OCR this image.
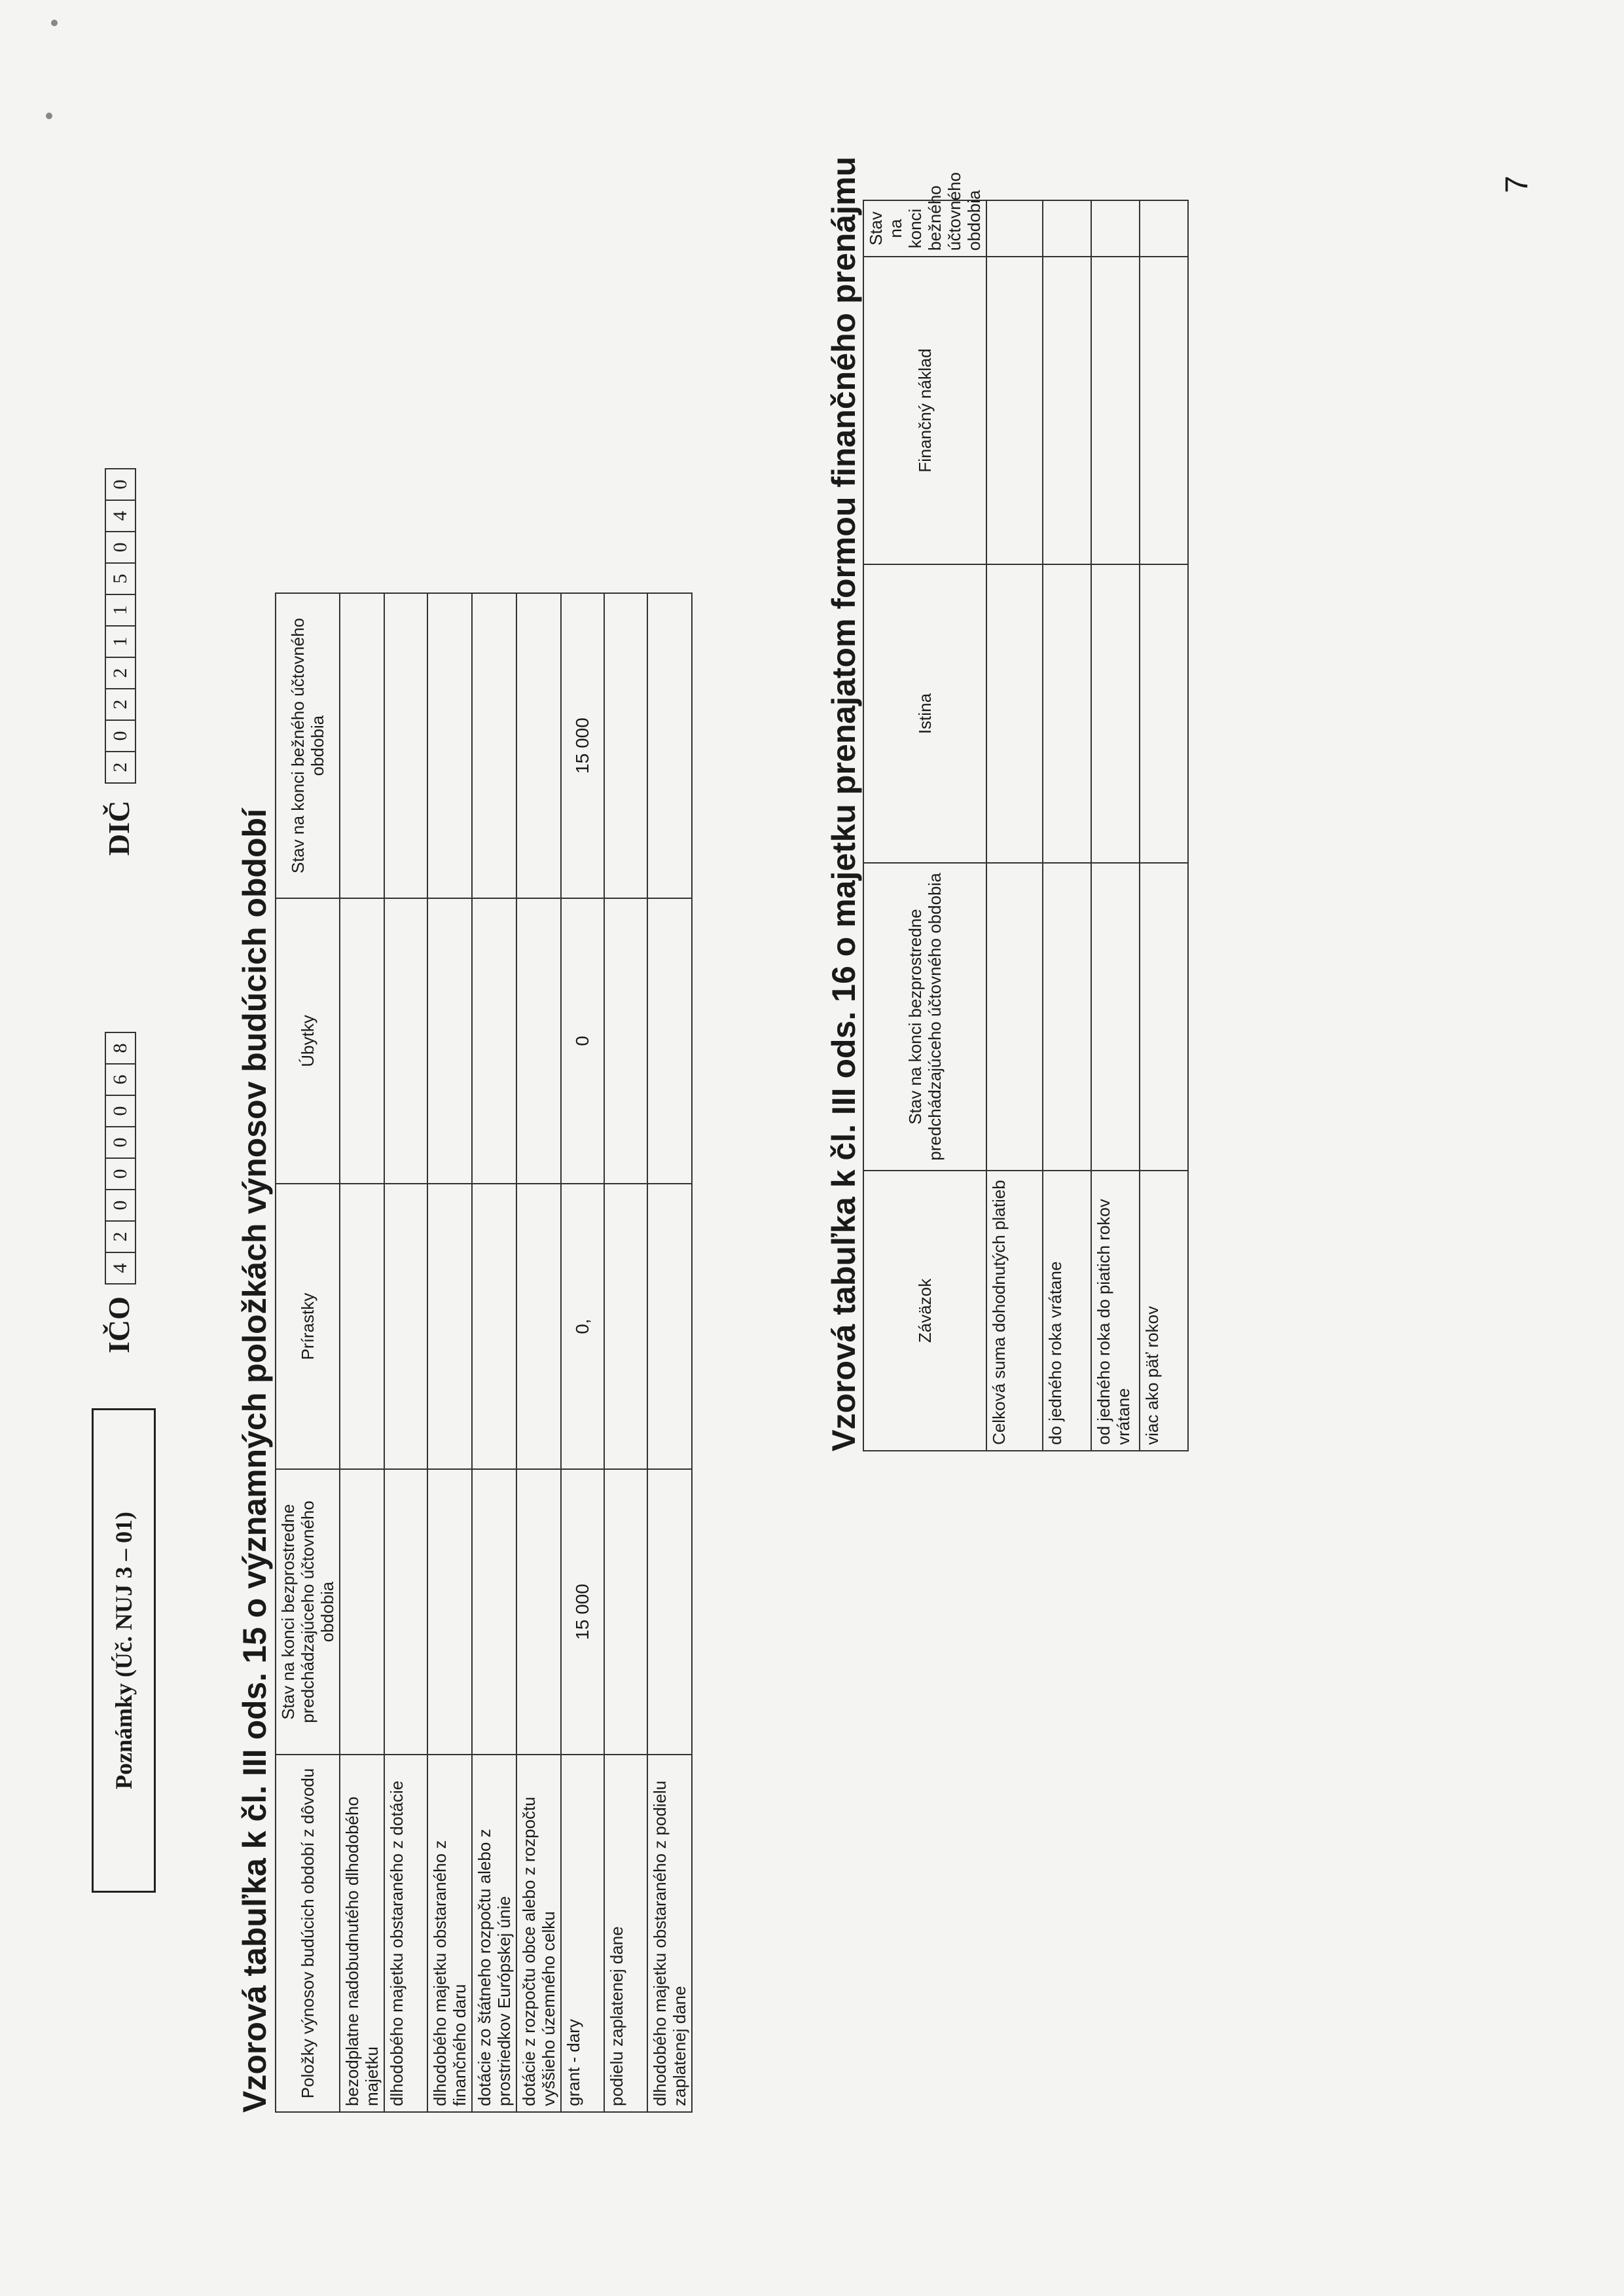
Poznámky (Úč. NUJ 3 – 01)
IČO
4
2
0
0
0
0
6
8
DIČ
2
0
2
2
1
1
5
0
4
0
7
Vzorová tabuľka k čl. III ods. 15 o významných položkách výnosov budúcich období Položky výnosov budúcich období z dôvodu	Stav na konci bezprostredne predchádzajúceho účtovného obdobia	Prírastky	Úbytky	Stav na konci bežného účtovného obdobia
bezodplatne nadobudnutého dlhodobého majetku				
dlhodobého majetku obstaraného z dotácie				
dlhodobého majetku obstaraného z finančného daru				
dotácie zo štátneho rozpočtu alebo z prostriedkov Európskej únie				
dotácie z rozpočtu obce alebo z rozpočtu vyššieho územného celku				
grant - dary	15 000	0,	0	15 000
podielu zaplatenej dane				
dlhodobého majetku obstaraného z podielu zaplatenej dane				
Vzorová tabuľka k čl. III ods. 16 o majetku prenajatom formou finančného prenájmu	Záväzok	Stav na konci bezprostredne predchádzajúceho účtovného obdobia	Istina	Finančný náklad	Stav na konci bežného účtovného obdobia
Celková suma dohodnutých platieb				
do jedného roka vrátane				
od jedného roka do piatich rokov vrátane				
viac ako päť rokov				
